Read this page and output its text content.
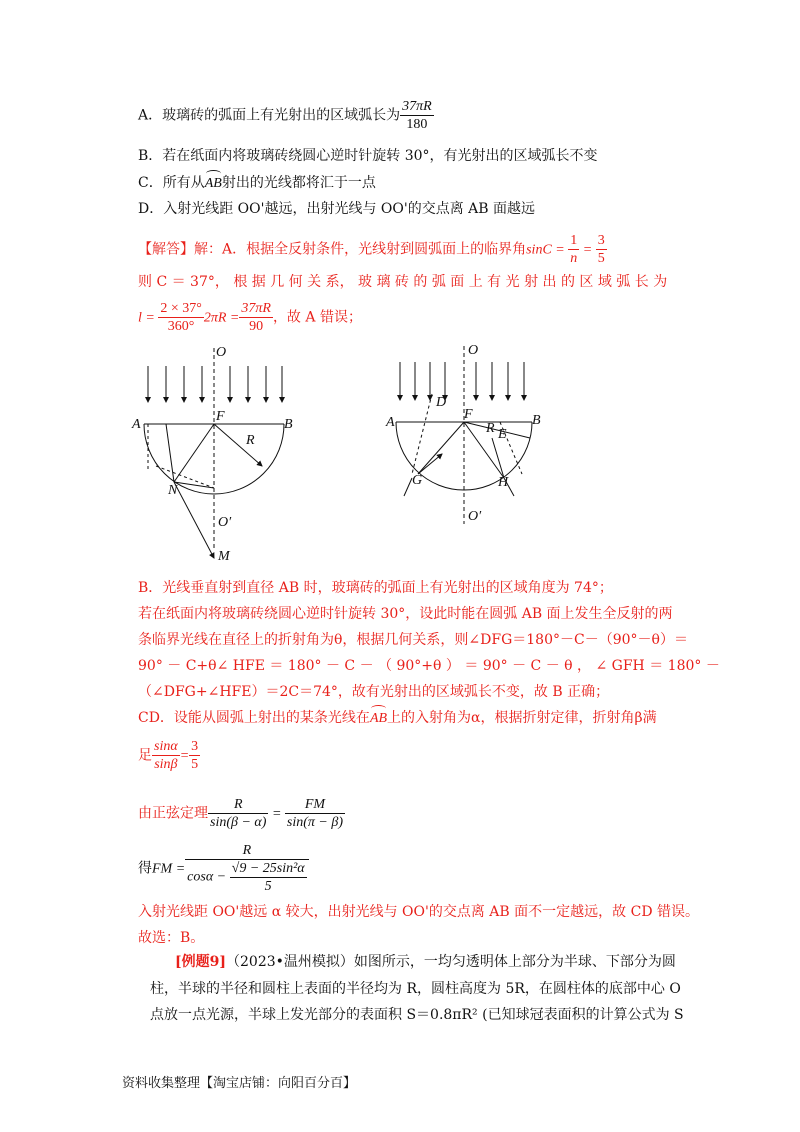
A．玻璃砖的弧面上有光射出的区域弧长为 $\frac{37\pi R}{180}$
B．若在纸面内将玻璃砖绕圆心逆时针旋转 30°，有光射出的区域弧长不变
C．所有从AB射出的光线都将汇于一点
D．入射光线距 OO'越远，出射光线与 OO'的交点离 AB 面越远
【解答】解：A．根据全反射条件，光线射到圆弧面上的临界角$\sin C = \frac{1}{n} = \frac{3}{5}$
则 C ＝ 37°， 根 据 几 何 关 系， 玻 璃 砖 的 弧 面 上 有 光 射 出 的 区 域 弧 长 为
$l = \frac{2 \times 37^\circ}{360^\circ} 2\pi R = \frac{37\pi R}{90}$ ，故 A 错误；
O
A
F
B
R
N
O′
M
O
A
D
F	B
R E
G	H
O′
B．光线垂直射到直径 AB 时，玻璃砖的弧面上有光射出的区域角度为 74°；
若在纸面内将玻璃砖绕圆心逆时针旋转 30°，设此时能在圆弧 AB 面上发生全反射的两
条临界光线在直径上的折射角为θ，根据几何关系，则∠DFG＝180°－C－（90°－θ）＝
90° － C+θ∠ HFE ＝ 180° － C － （ 90°+θ ） ＝ 90° － C － θ ， ∠ GFH ＝ 180° －
（∠DFG+∠HFE）＝2C＝74°，故有光射出的区域弧长不变，故 B 正确；
CD．设能从圆弧上射出的某条光线在AB上的入射角为α，根据折射定律，折射角β满
足 $\frac{\sin\alpha}{\sin\beta} = \frac{3}{5}$
由正弦定理 $\frac{R}{\sin(\beta - \alpha)} = \frac{FM}{\sin(\pi - \beta)}$
得FM = $\frac{R}{\cos\alpha - \frac{\text{√9 − 25sin²α}}{5}}$
入射光线距 OO'越远 α 较大，出射光线与 OO'的交点离 AB 面不一定越远，故 CD 错误。
故选：B。
[例题9]（2023•温州模拟）如图所示，一均匀透明体上部分为半球、下部分为圆
柱，半球的半径和圆柱上表面的半径均为 R，圆柱高度为 5R，在圆柱体的底部中心 O
点放一点光源，半球上发光部分的表面积 S＝0.8πR² (已知球冠表面积的计算公式为 S
资料收集整理【淘宝店铺：向阳百分百】
